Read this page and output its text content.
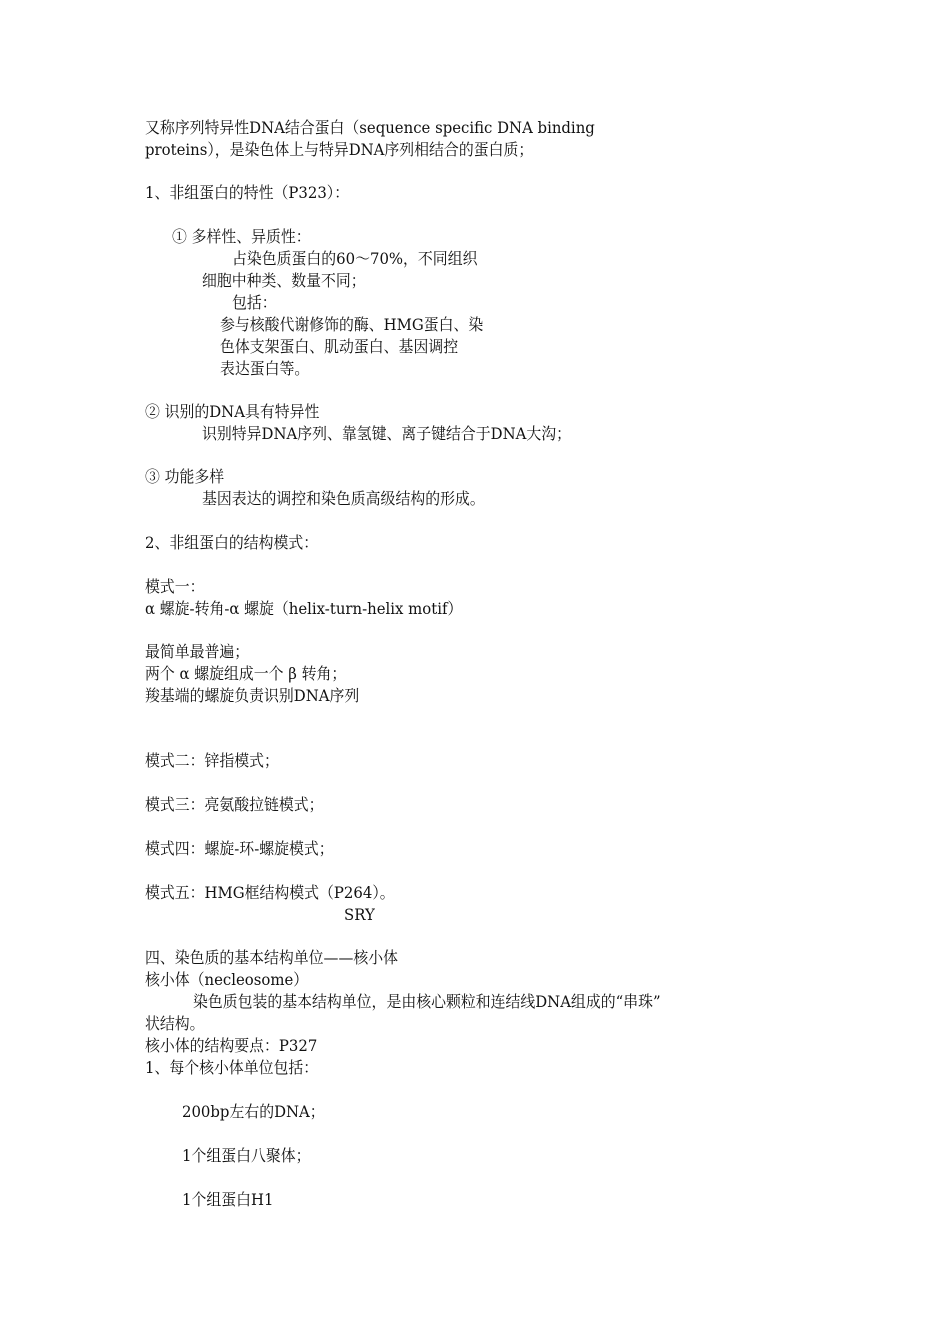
又称序列特异性DNA结合蛋白（sequence specific DNA binding
proteins），是染色体上与特异DNA序列相结合的蛋白质；
1、非组蛋白的特性（P323）：
① 多样性、异质性：
占染色质蛋白的60～70%，不同组织
细胞中种类、数量不同；
包括：
参与核酸代谢修饰的酶、HMG蛋白、染
色体支架蛋白、肌动蛋白、基因调控
表达蛋白等。
② 识别的DNA具有特异性
识别特异DNA序列、靠氢键、离子键结合于DNA大沟；
③ 功能多样
基因表达的调控和染色质高级结构的形成。
2、非组蛋白的结构模式：
模式一：
α 螺旋-转角-α 螺旋（helix-turn-helix motif）
最简单最普遍；
两个 α 螺旋组成一个 β 转角；
羧基端的螺旋负责识别DNA序列
模式二：锌指模式；
模式三：亮氨酸拉链模式；
模式四：螺旋-环-螺旋模式；
模式五：HMG框结构模式（P264）。
SRY
四、染色质的基本结构单位——核小体
核小体（necleosome）
染色质包装的基本结构单位，是由核心颗粒和连结线DNA组成的“串珠”
状结构。
核小体的结构要点：P327
1、每个核小体单位包括：
200bp左右的DNA；
1个组蛋白八聚体；
1个组蛋白H1
